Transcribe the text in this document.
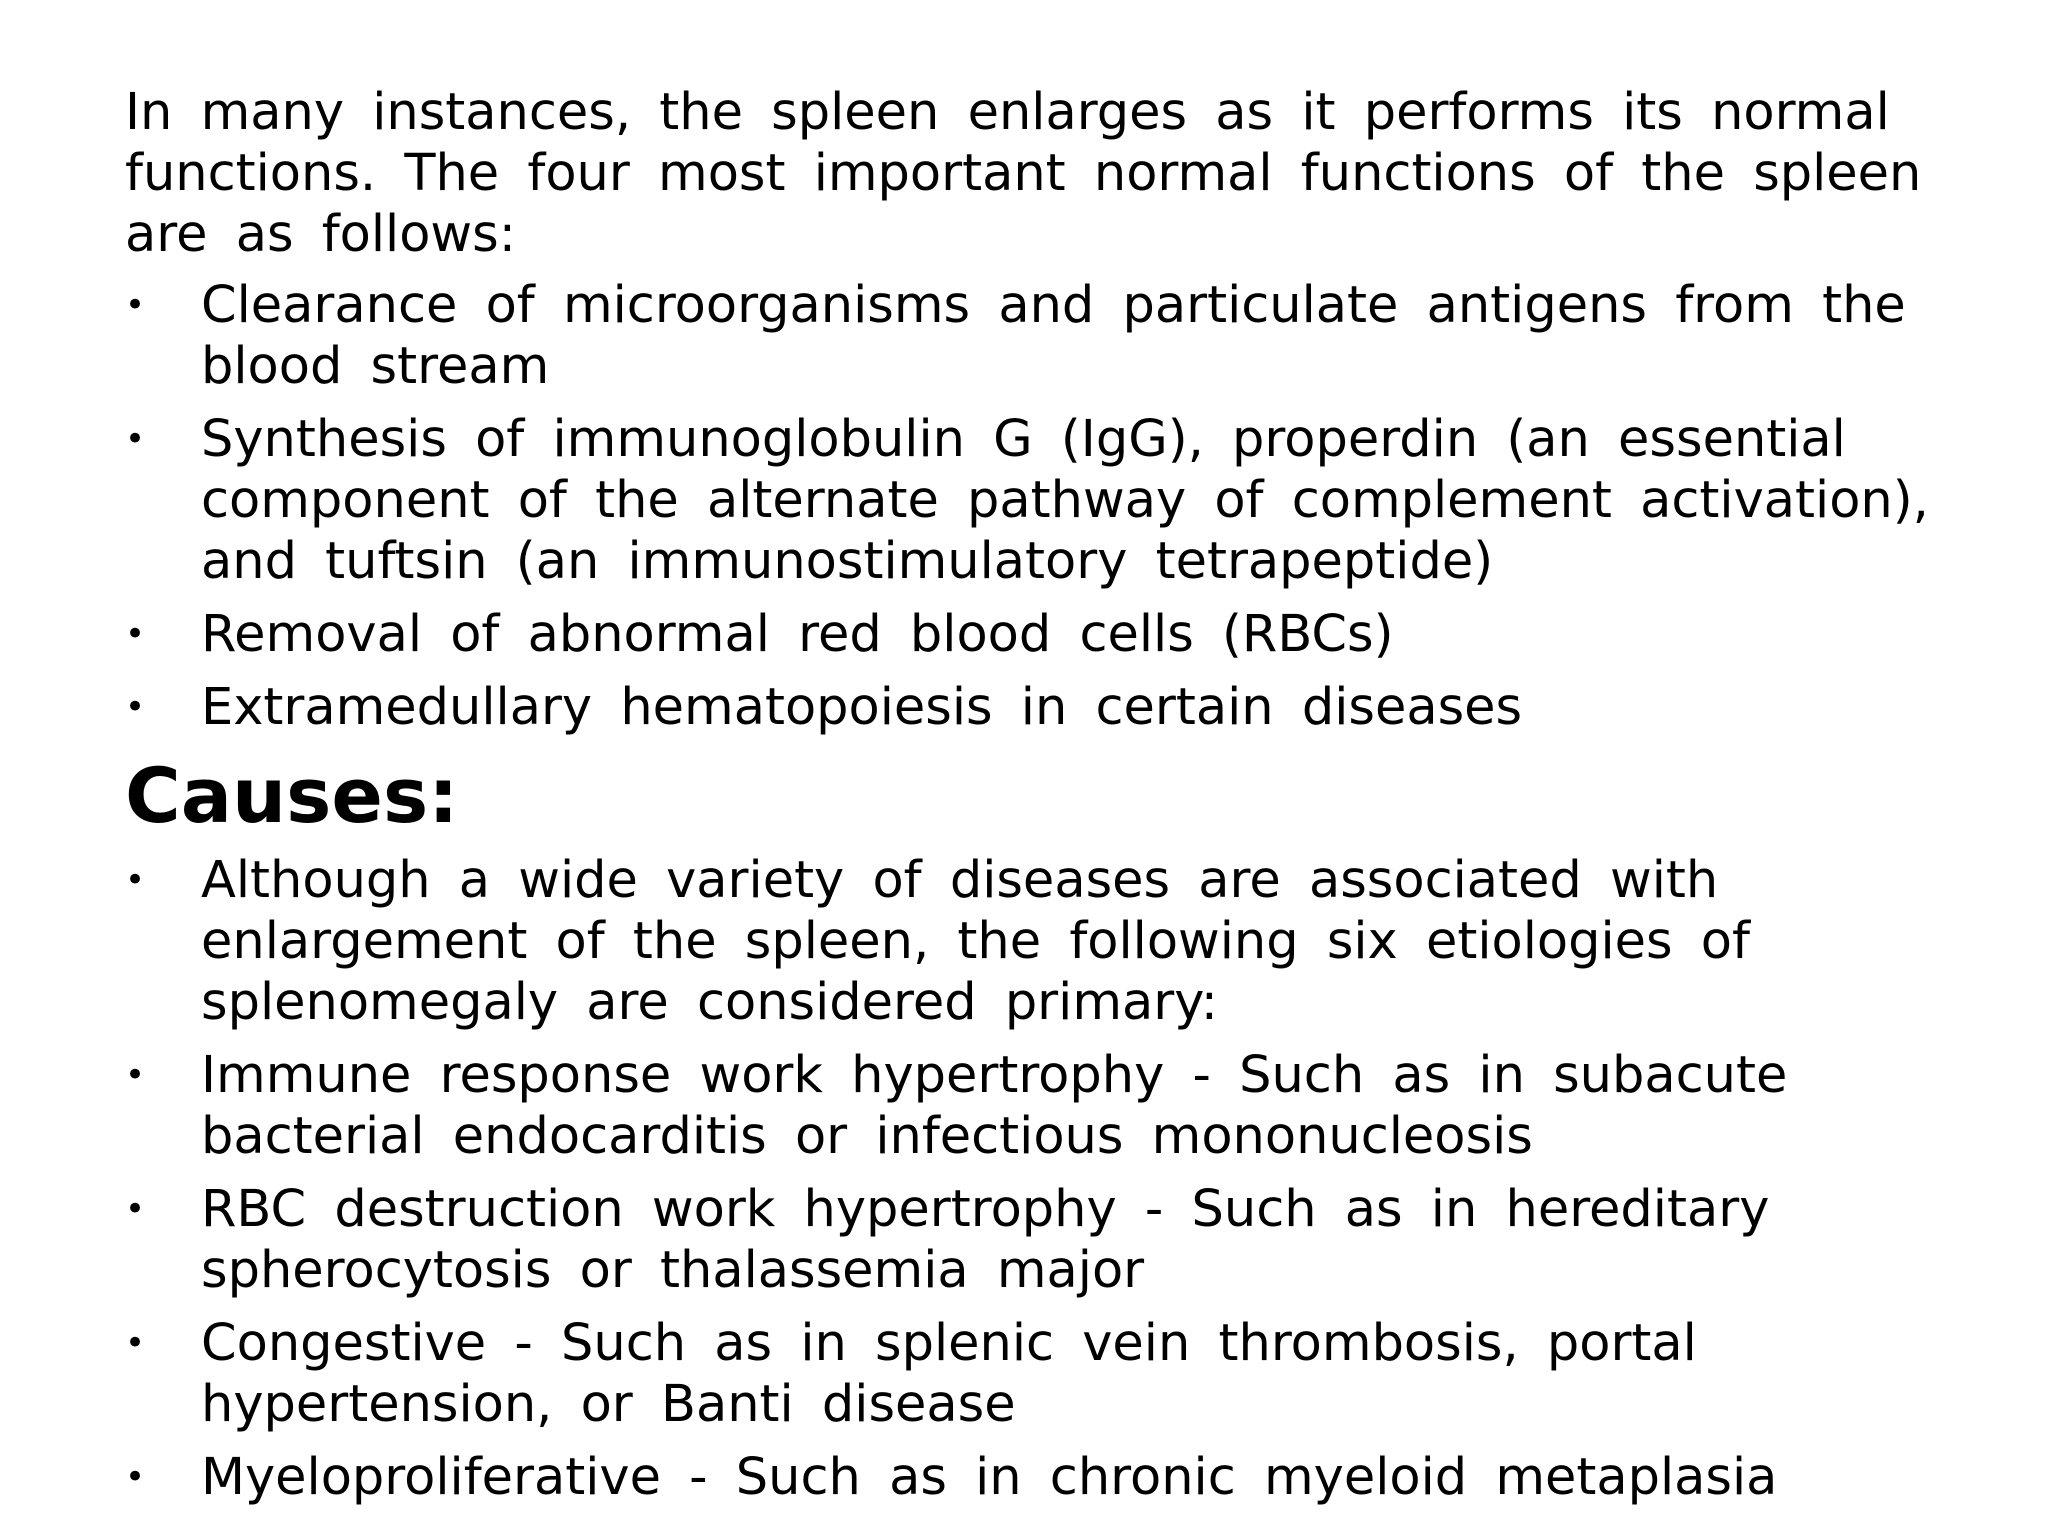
In many instances, the spleen enlarges as it performs its normal functions. The four most important normal functions of the spleen are as follows:

• Clearance of microorganisms and particulate antigens from the blood stream
• Synthesis of immunoglobulin G (IgG), properdin (an essential component of the alternate pathway of complement activation), and tuftsin (an immunostimulatory tetrapeptide)
• Removal of abnormal red blood cells (RBCs)
• Extramedullary hematopoiesis in certain diseases
Causes:
• Although a wide variety of diseases are associated with enlargement of the spleen, the following six etiologies of splenomegaly are considered primary:
• Immune response work hypertrophy - Such as in subacute bacterial endocarditis or infectious mononucleosis
• RBC destruction work hypertrophy - Such as in hereditary spherocytosis or thalassemia major
• Congestive - Such as in splenic vein thrombosis, portal hypertension, or Banti disease
• Myeloproliferative - Such as in chronic myeloid metaplasia
